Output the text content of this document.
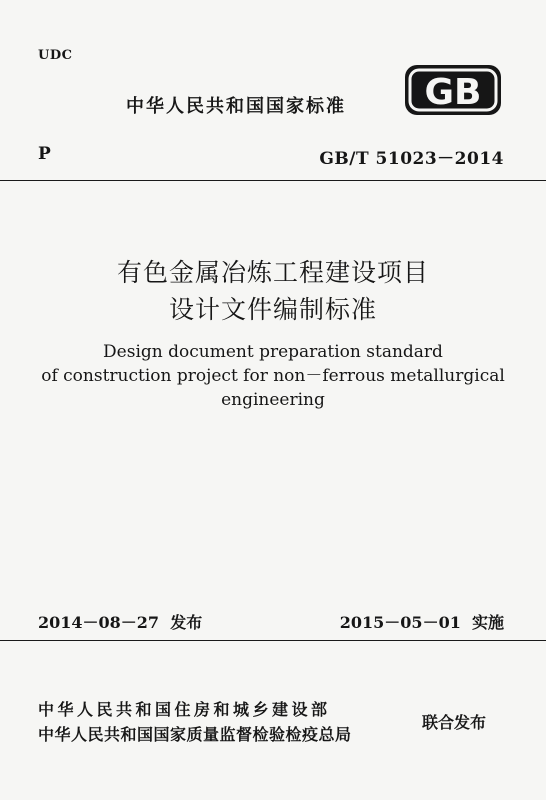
UDC
中华人民共和国国家标准 GB
P	GB/T 51023－2014
有色金属冶炼工程建设项目
设计文件编制标准
Design document preparation standard
of construction project for non－ferrous metallurgical engineering
2014－08－27 发布	2015－05－01 实施
中华人民共和国住房和城乡建设部
中华人民共和国国家质量监督检验检疫总局
联合发布
